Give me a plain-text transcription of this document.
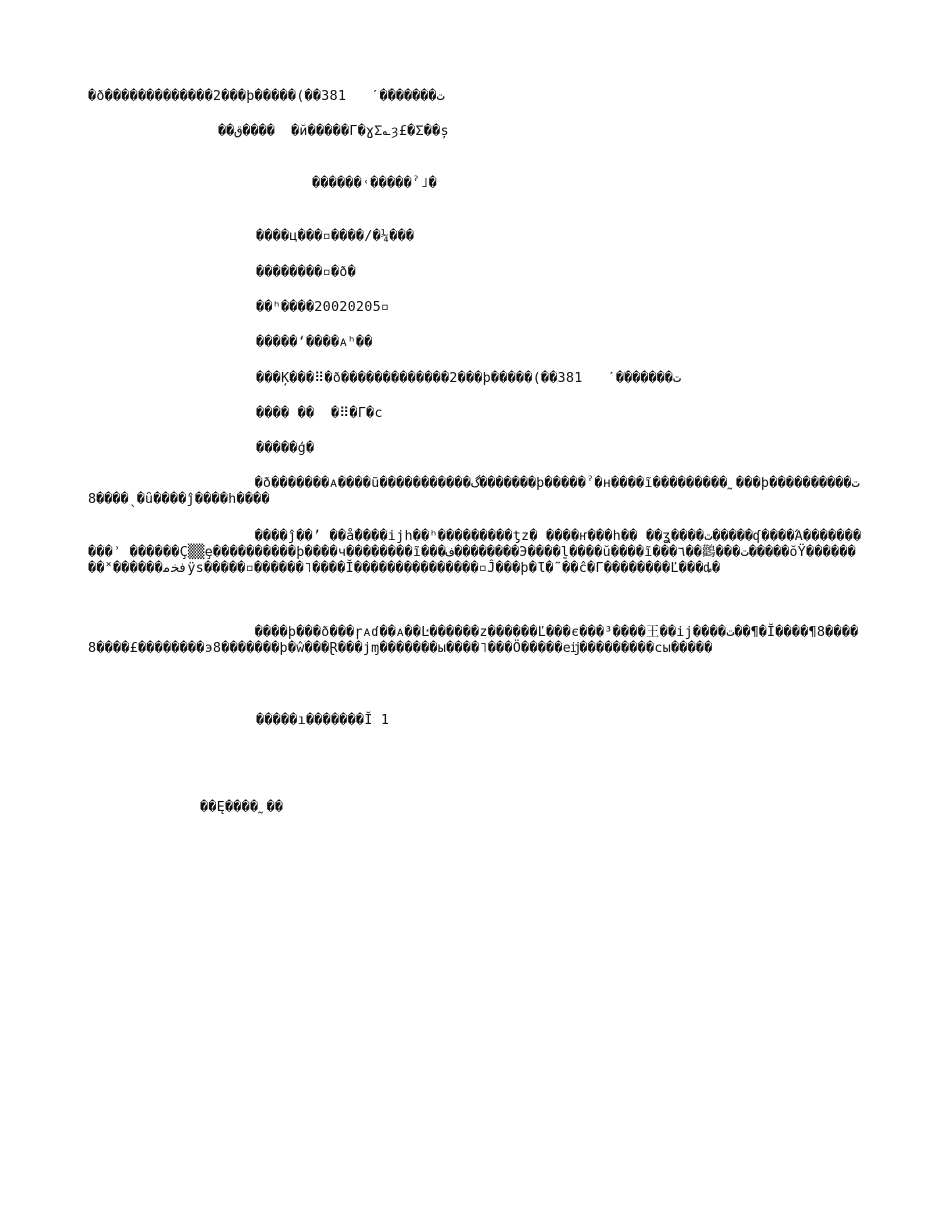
�ð�������������2���þ�����(��381   ˊ�ۜ������ت
��ق����  �й�����Г�ɣΣ؎ȝ£�Σ��ș
������˓�����ˀ˩�
����ц���▫����/�¼���
��������▫�ð�
��ʰ����20020205▫
�����ʻ����ᴀʰ��
���Ķ���⠿�ð�������������2���þ�����(��381   ˊ�ۜ������ت
���� ��  �⠿�Г�ϲ
�����ģ�
�ð�������ᴀ����ũ�����������گ�������þ�����ˀ�н����ĩ���������˷���þ�����ت�����8����ˎ�ȗ����ĵ����һ����
����ĵ��ʼ ��ǻ����ijh��ʰ���������ƫz� ����ҥ���һ�� ��ʓ����ت�����ʠ����Ά����������ʾ ������Ç▒▒ȩ����������þ����ч��������ĩ���ف��������Э����ḻ����ŭ����ĩ���٦��鸛���ت�����ŏŸ��������˟������ﻓﺨﻣÿs�����▫������˥����Ĭ���������������▫Ĵ���þ�Ɩ�˜��ĉ�Г��������Ľ���ȡ�
����þ���ð���ɼᴀɗ��ᴀ��Ŀ������z������Ľ���є���³����王��ij����ت��¶�Ĭ����¶8����8����£��������э8�������þ�ŵ���Ɽ���jɱ�������ы����˥���Ö�����eĳ���������cы�����
�����ı�������Ĭ 1
��Ę����˷��
